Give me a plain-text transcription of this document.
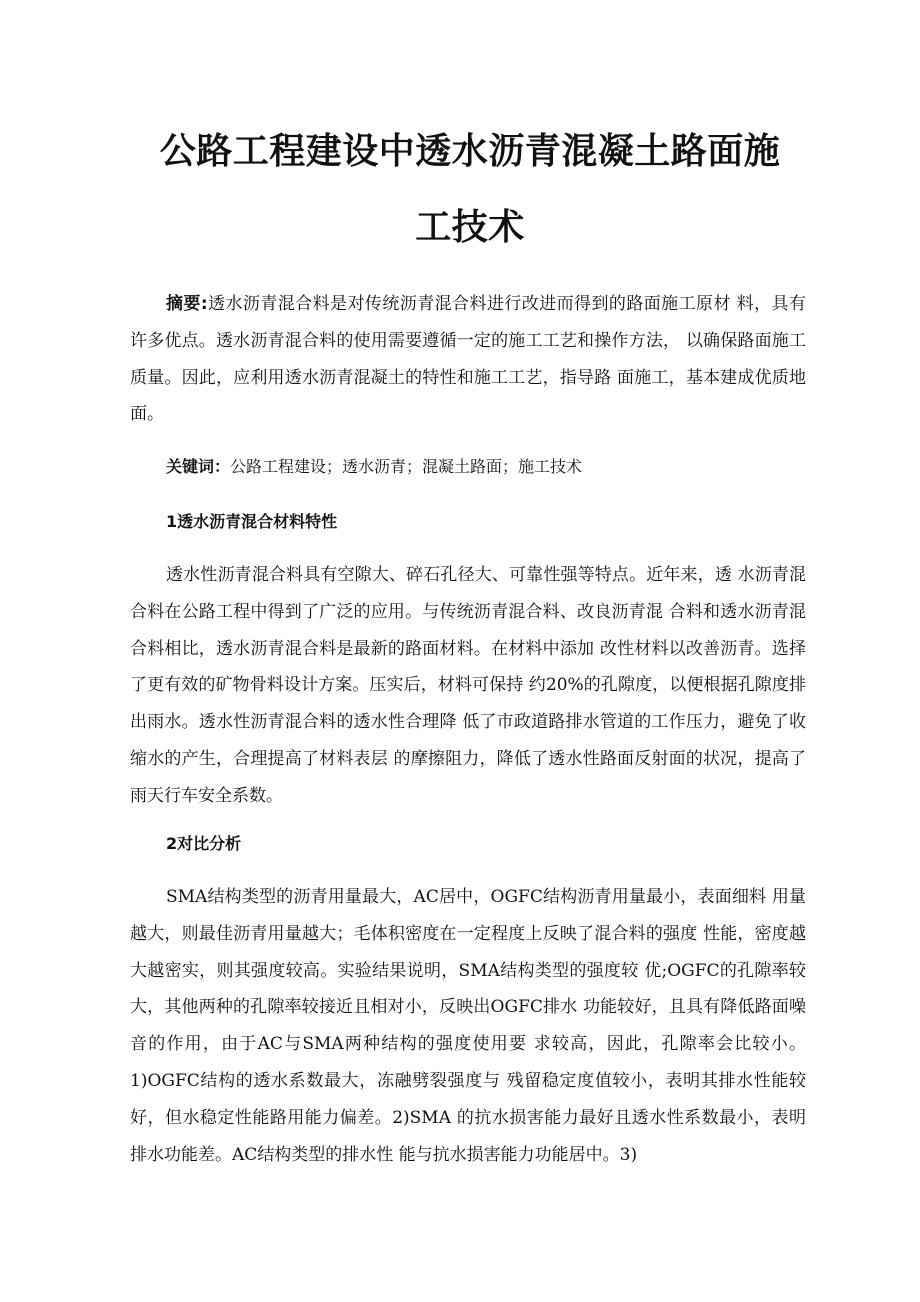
公路工程建设中透水沥青混凝土路面施
工技术

摘要:透水沥青混合料是对传统沥青混合料进行改进而得到的路面施工原材 料，具有许多优点。透水沥青混合料的使用需要遵循一定的施工工艺和操作方法， 以确保路面施工质量。因此，应利用透水沥青混凝土的特性和施工工艺，指导路 面施工，基本建成优质地面。

关键词：公路工程建设；透水沥青；混凝土路面；施工技术

1透水沥青混合材料特性

透水性沥青混合料具有空隙大、碎石孔径大、可靠性强等特点。近年来，透 水沥青混合料在公路工程中得到了广泛的应用。与传统沥青混合料、改良沥青混 合料和透水沥青混合料相比，透水沥青混合料是最新的路面材料。在材料中添加 改性材料以改善沥青。选择了更有效的矿物骨料设计方案。压实后，材料可保持 约20%的孔隙度，以便根据孔隙度排出雨水。透水性沥青混合料的透水性合理降 低了市政道路排水管道的工作压力，避免了收缩水的产生，合理提高了材料表层 的摩擦阻力，降低了透水性路面反射面的状况，提高了雨天行车安全系数。

2对比分析

SMA结构类型的沥青用量最大，AC居中，OGFC结构沥青用量最小，表面细料 用量越大，则最佳沥青用量越大；毛体积密度在一定程度上反映了混合料的强度 性能，密度越大越密实，则其强度较高。实验结果说明，SMA结构类型的强度较 优;OGFC的孔隙率较大，其他两种的孔隙率较接近且相对小，反映出OGFC排水 功能较好，且具有降低路面噪音的作用，由于AC与SMA两种结构的强度使用要 求较高，因此，孔隙率会比较小。1)OGFC结构的透水系数最大，冻融劈裂强度与 残留稳定度值较小，表明其排水性能较好，但水稳定性能路用能力偏差。2)SMA 的抗水损害能力最好且透水性系数最小，表明排水功能差。AC结构类型的排水性 能与抗水损害能力功能居中。3)
